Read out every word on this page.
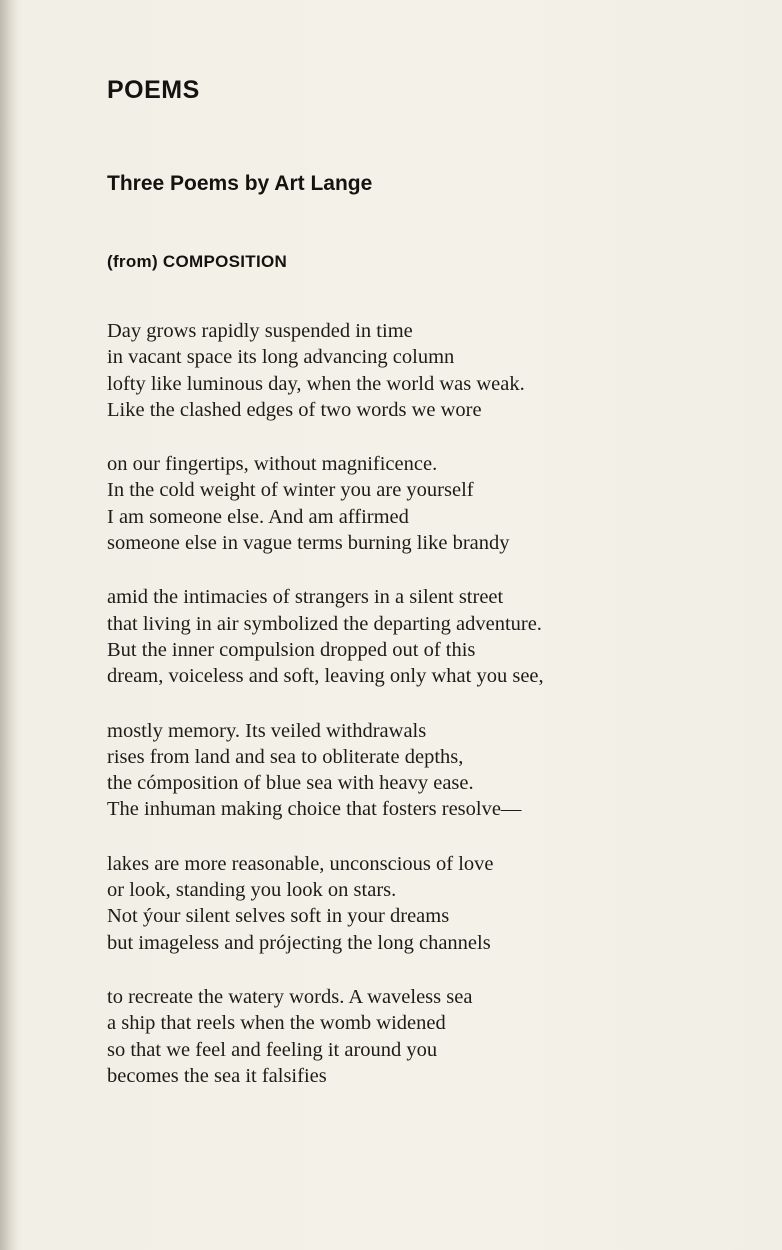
POEMS
Three Poems by Art Lange
(from) COMPOSITION
Day grows rapidly suspended in time
in vacant space its long advancing column
lofty like luminous day, when the world was weak.
Like the clashed edges of two words we wore
on our fingertips, without magnificence.
In the cold weight of winter you are yourself
I am someone else. And am affirmed
someone else in vague terms burning like brandy
amid the intimacies of strangers in a silent street
that living in air symbolized the departing adventure.
But the inner compulsion dropped out of this
dream, voiceless and soft, leaving only what you see,
mostly memory. Its veiled withdrawals
rises from land and sea to obliterate depths,
the cómposition of blue sea with heavy ease.
The inhuman making choice that fosters resolve—
lakes are more reasonable, unconscious of love
or look, standing you look on stars.
Not ýour silent selves soft in your dreams
but imageless and prójecting the long channels
to recreate the watery words. A waveless sea
a ship that reels when the womb widened
so that we feel and feeling it around you
becomes the sea it falsifies
